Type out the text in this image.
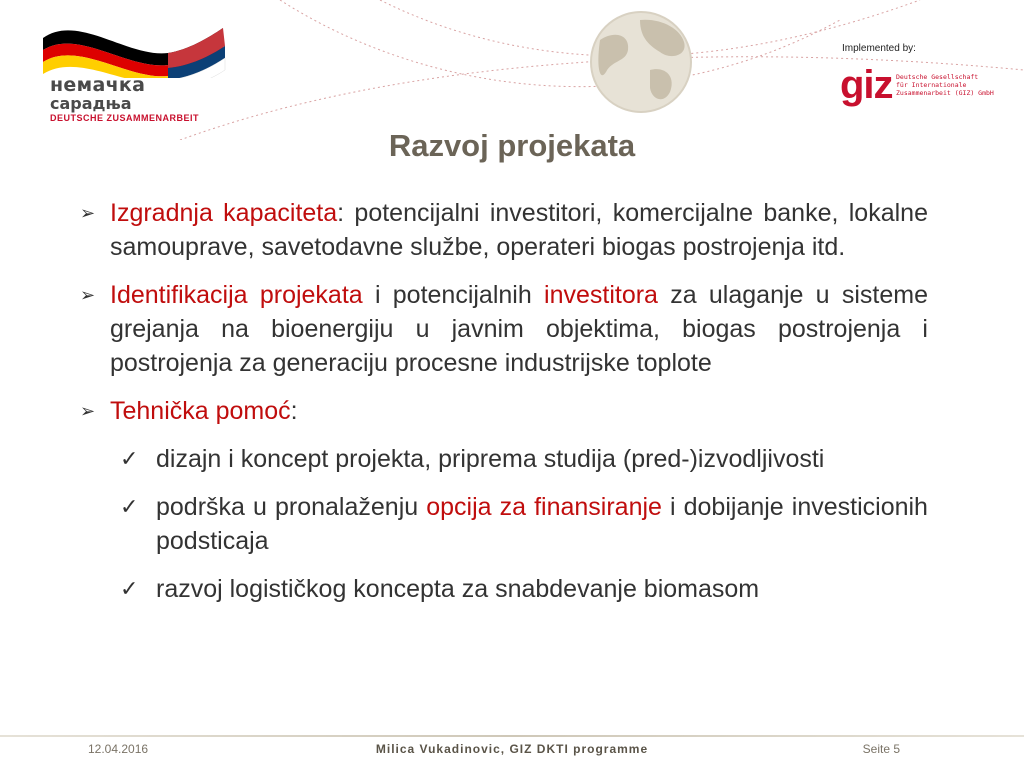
немачка
сарадња
DEUTSCHE ZUSAMMENARBEIT
Implemented by:
giz Deutsche Gesellschaft
für Internationale
Zusammenarbeit (GIZ) GmbH
Razvoj projekata
➢ Izgradnja kapaciteta: potencijalni investitori, komercijalne banke, lokalne samouprave, savetodavne službe, operateri biogas postrojenja itd.
➢ Identifikacija projekata i potencijalnih investitora za ulaganje u sisteme grejanja na bioenergiju u javnim objektima, biogas postrojenja i postrojenja za generaciju procesne industrijske toplote
➢ Tehnička pomoć:
✓ dizajn i koncept projekta, priprema studija (pred-)izvodljivosti
✓ podrška u pronalaženju opcija za finansiranje i dobijanje investicionih podsticaja
✓ razvoj logističkog koncepta za snabdevanje biomasom
12.04.2016	Milica Vukadinovic, GIZ DKTI programme	Seite 5
